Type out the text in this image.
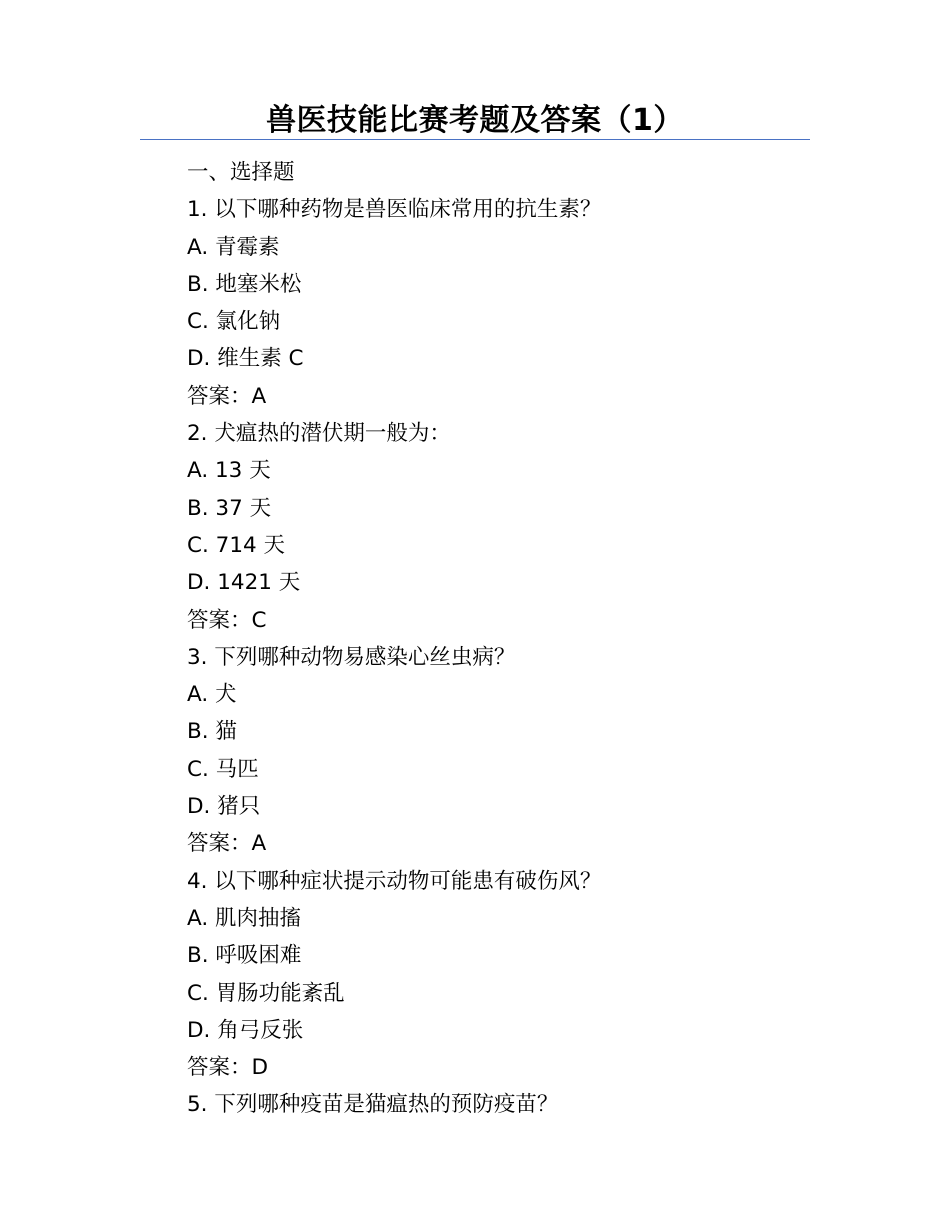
兽医技能比赛考题及答案（1）
一、选择题
1. 以下哪种药物是兽医临床常用的抗生素？
A. 青霉素
B. 地塞米松
C. 氯化钠
D. 维生素 C
答案：A
2. 犬瘟热的潜伏期一般为：
A. 13 天
B. 37 天
C. 714 天
D. 1421 天
答案：C
3. 下列哪种动物易感染心丝虫病？
A. 犬
B. 猫
C. 马匹
D. 猪只
答案：A
4. 以下哪种症状提示动物可能患有破伤风？
A. 肌肉抽搐
B. 呼吸困难
C. 胃肠功能紊乱
D. 角弓反张
答案：D
5. 下列哪种疫苗是猫瘟热的预防疫苗？
